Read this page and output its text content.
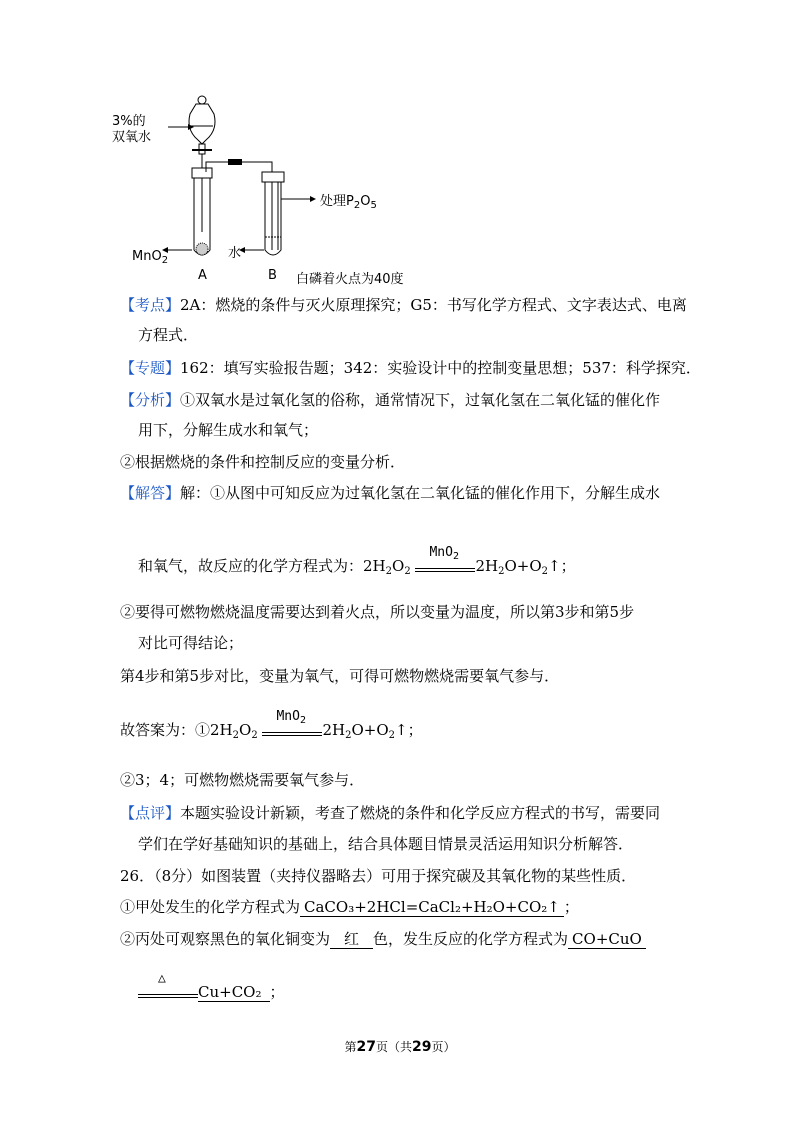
3%的
双氧水
MnO$_2$
A
水
B
处理$P_2O_5$
白磷着火点为40度
【考点】2A：燃烧的条件与灭火原理探究；G5：书写化学方程式、文字表达式、电离
方程式．
【专题】162：填写实验报告题；342：实验设计中的控制变量思想；537：科学探究．
【分析】①双氧水是过氧化氢的俗称，通常情况下，过氧化氢在二氧化锰的催化作
用下，分解生成水和氧气；
②根据燃烧的条件和控制反应的变量分析．
【解答】解：①从图中可知反应为过氧化氢在二氧化锰的催化作用下，分解生成水
和氧气，故反应的化学方程式为：$2H_2O_2$
MnO$_2$
$2H_2O+O_2↑$；
②要得可燃物燃烧温度需要达到着火点，所以变量为温度，所以第3步和第5步
对比可得结论；
第4步和第5步对比，变量为氧气，可得可燃物燃烧需要氧气参与．
故答案为：$①2H_2O_2$
MnO$_2$
$2H_2O+O_2↑$；
②3；4；可燃物燃烧需要氧气参与．
【点评】本题实验设计新颖，考查了燃烧的条件和化学反应方程式的书写，需要同
学们在学好基础知识的基础上，结合具体题目情景灵活运用知识分析解答．
26．（8分）如图装置（夹持仪器略去）可用于探究碳及其氧化物的某些性质．
①甲处发生的化学方程式为 CaCO₃+2HCl=CaCl₂+H₂O+CO₂↑ ；
②丙处可观察黑色的氧化铜变为 红 色，发生反应的化学方程式为 CO+CuO
△
Cu+CO₂ ；
第27页（共29页）
